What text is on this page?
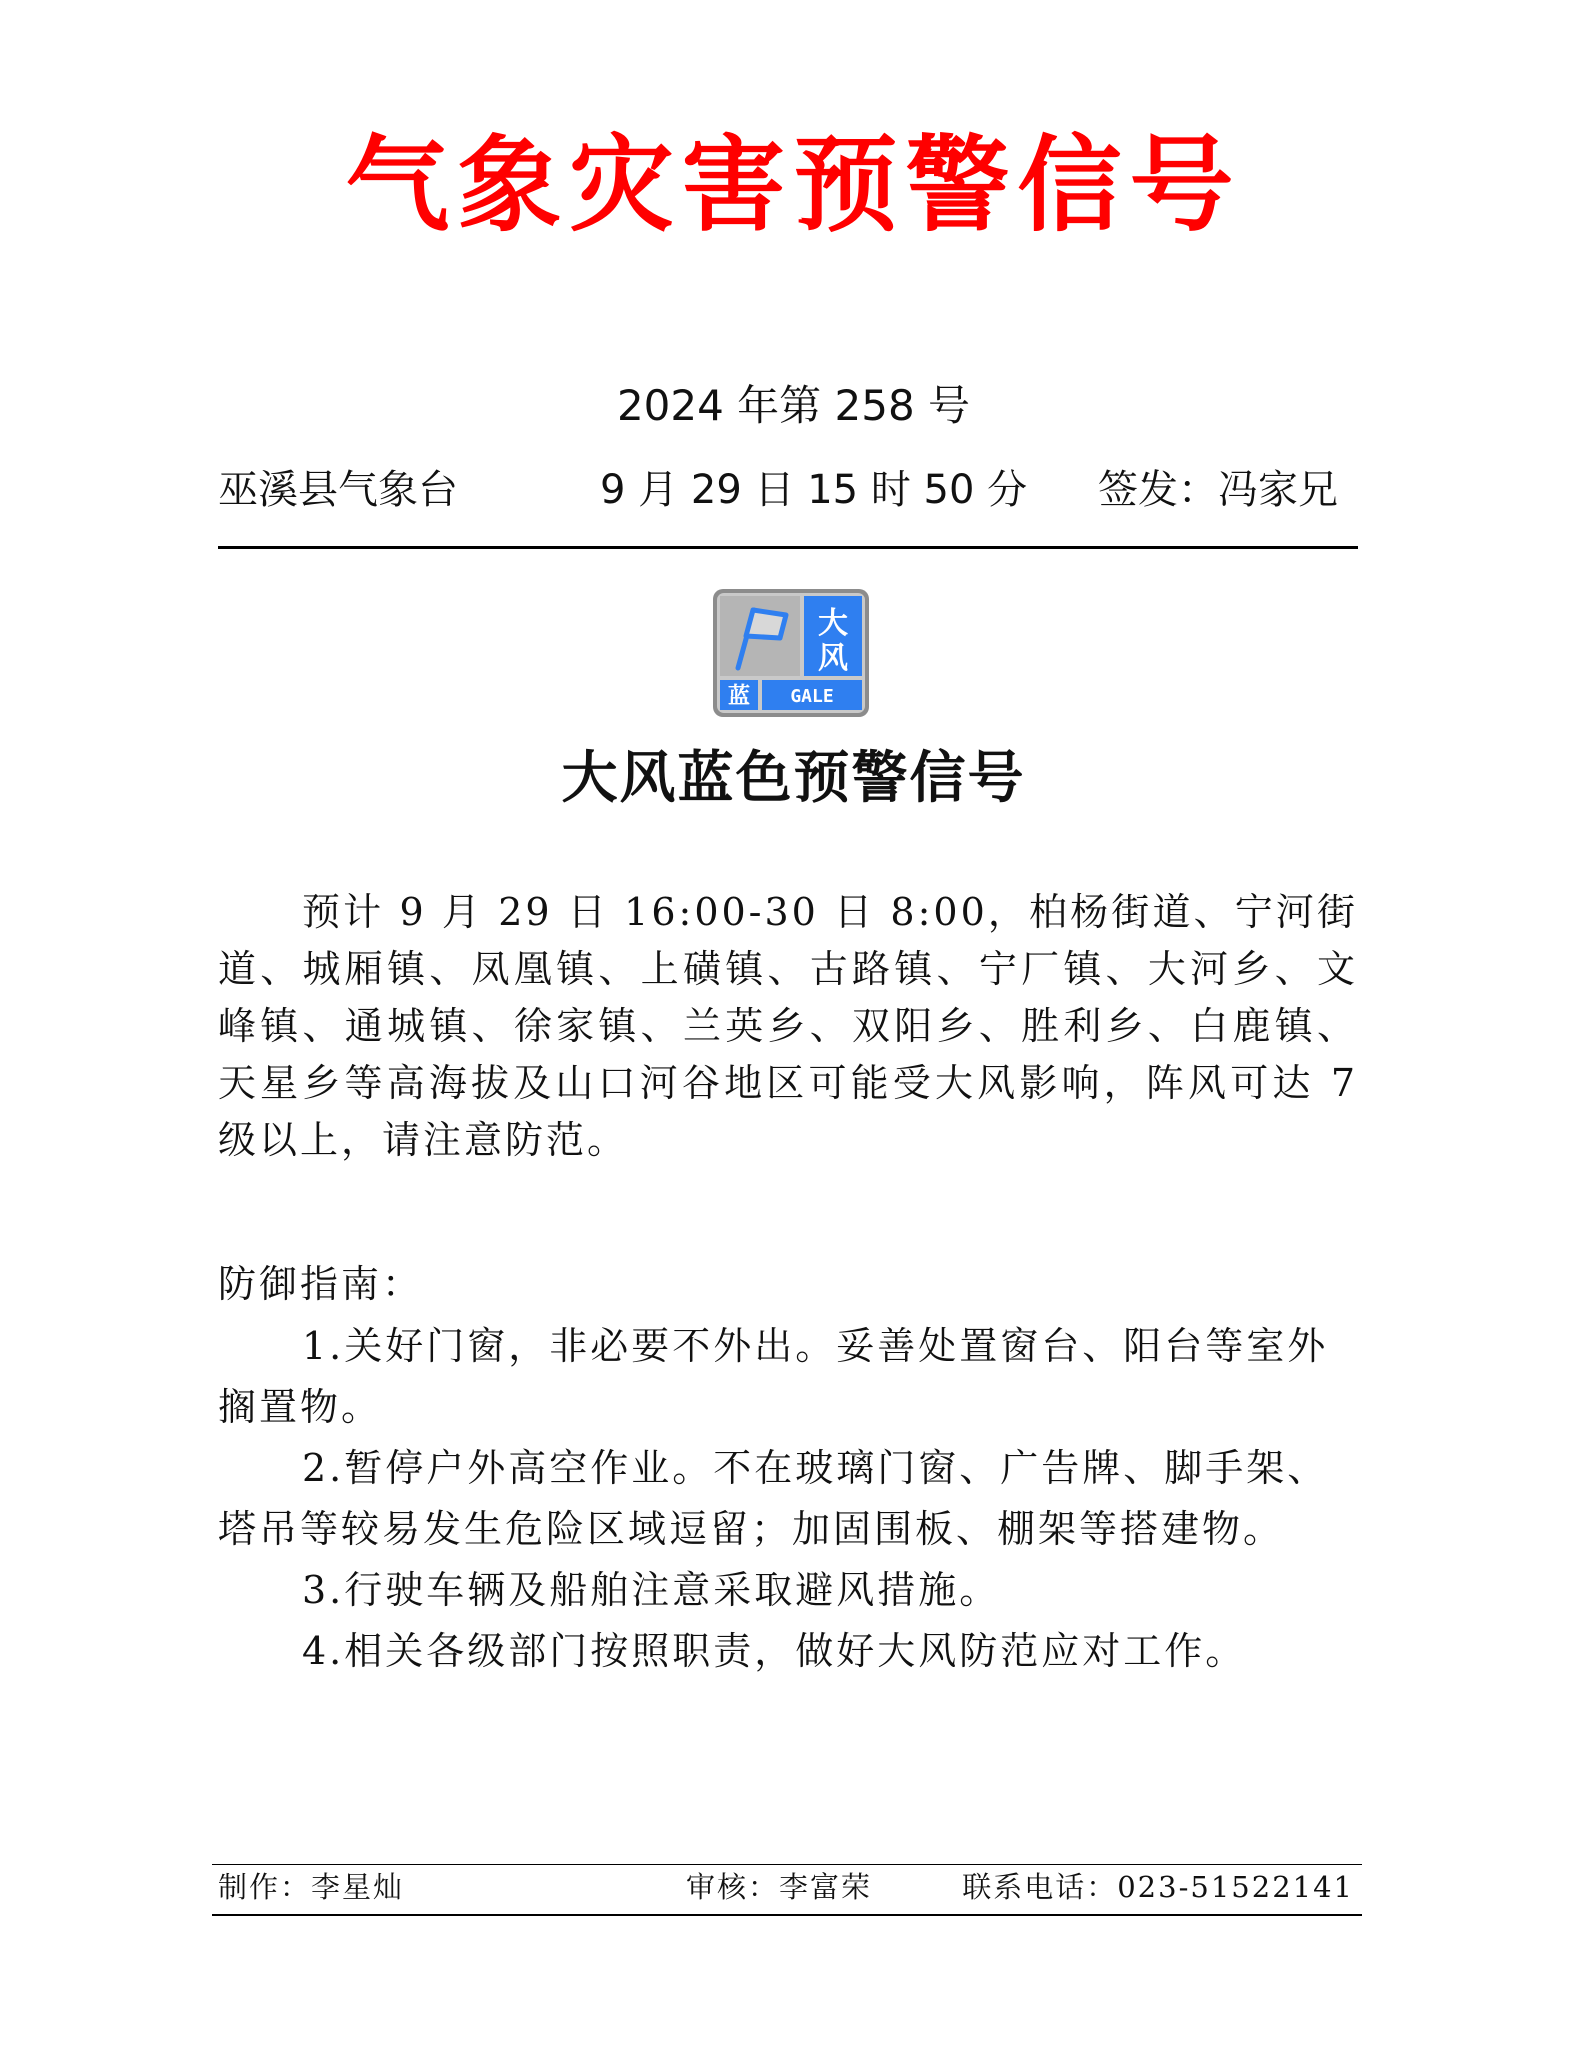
气象灾害预警信号
2024 年第 258 号
巫溪县气象台	9 月 29 日 15 时 50 分 签发：冯家兄
大
风
蓝 GALE
大风蓝色预警信号
预计 9 月 29 日 16:00-30 日 8:00，柏杨街道、宁河街道、城厢镇、凤凰镇、上磺镇、古路镇、宁厂镇、大河乡、文峰镇、通城镇、徐家镇、兰英乡、双阳乡、胜利乡、白鹿镇、天星乡等高海拔及山口河谷地区可能受大风影响，阵风可达 7 级以上，请注意防范。
防御指南：
1.关好门窗，非必要不外出。妥善处置窗台、阳台等室外搁置物。
2.暂停户外高空作业。不在玻璃门窗、广告牌、脚手架、塔吊等较易发生危险区域逗留；加固围板、棚架等搭建物。
3.行驶车辆及船舶注意采取避风措施。
4.相关各级部门按照职责，做好大风防范应对工作。
制作：李星灿	审核：李富荣	联系电话：023-51522141
